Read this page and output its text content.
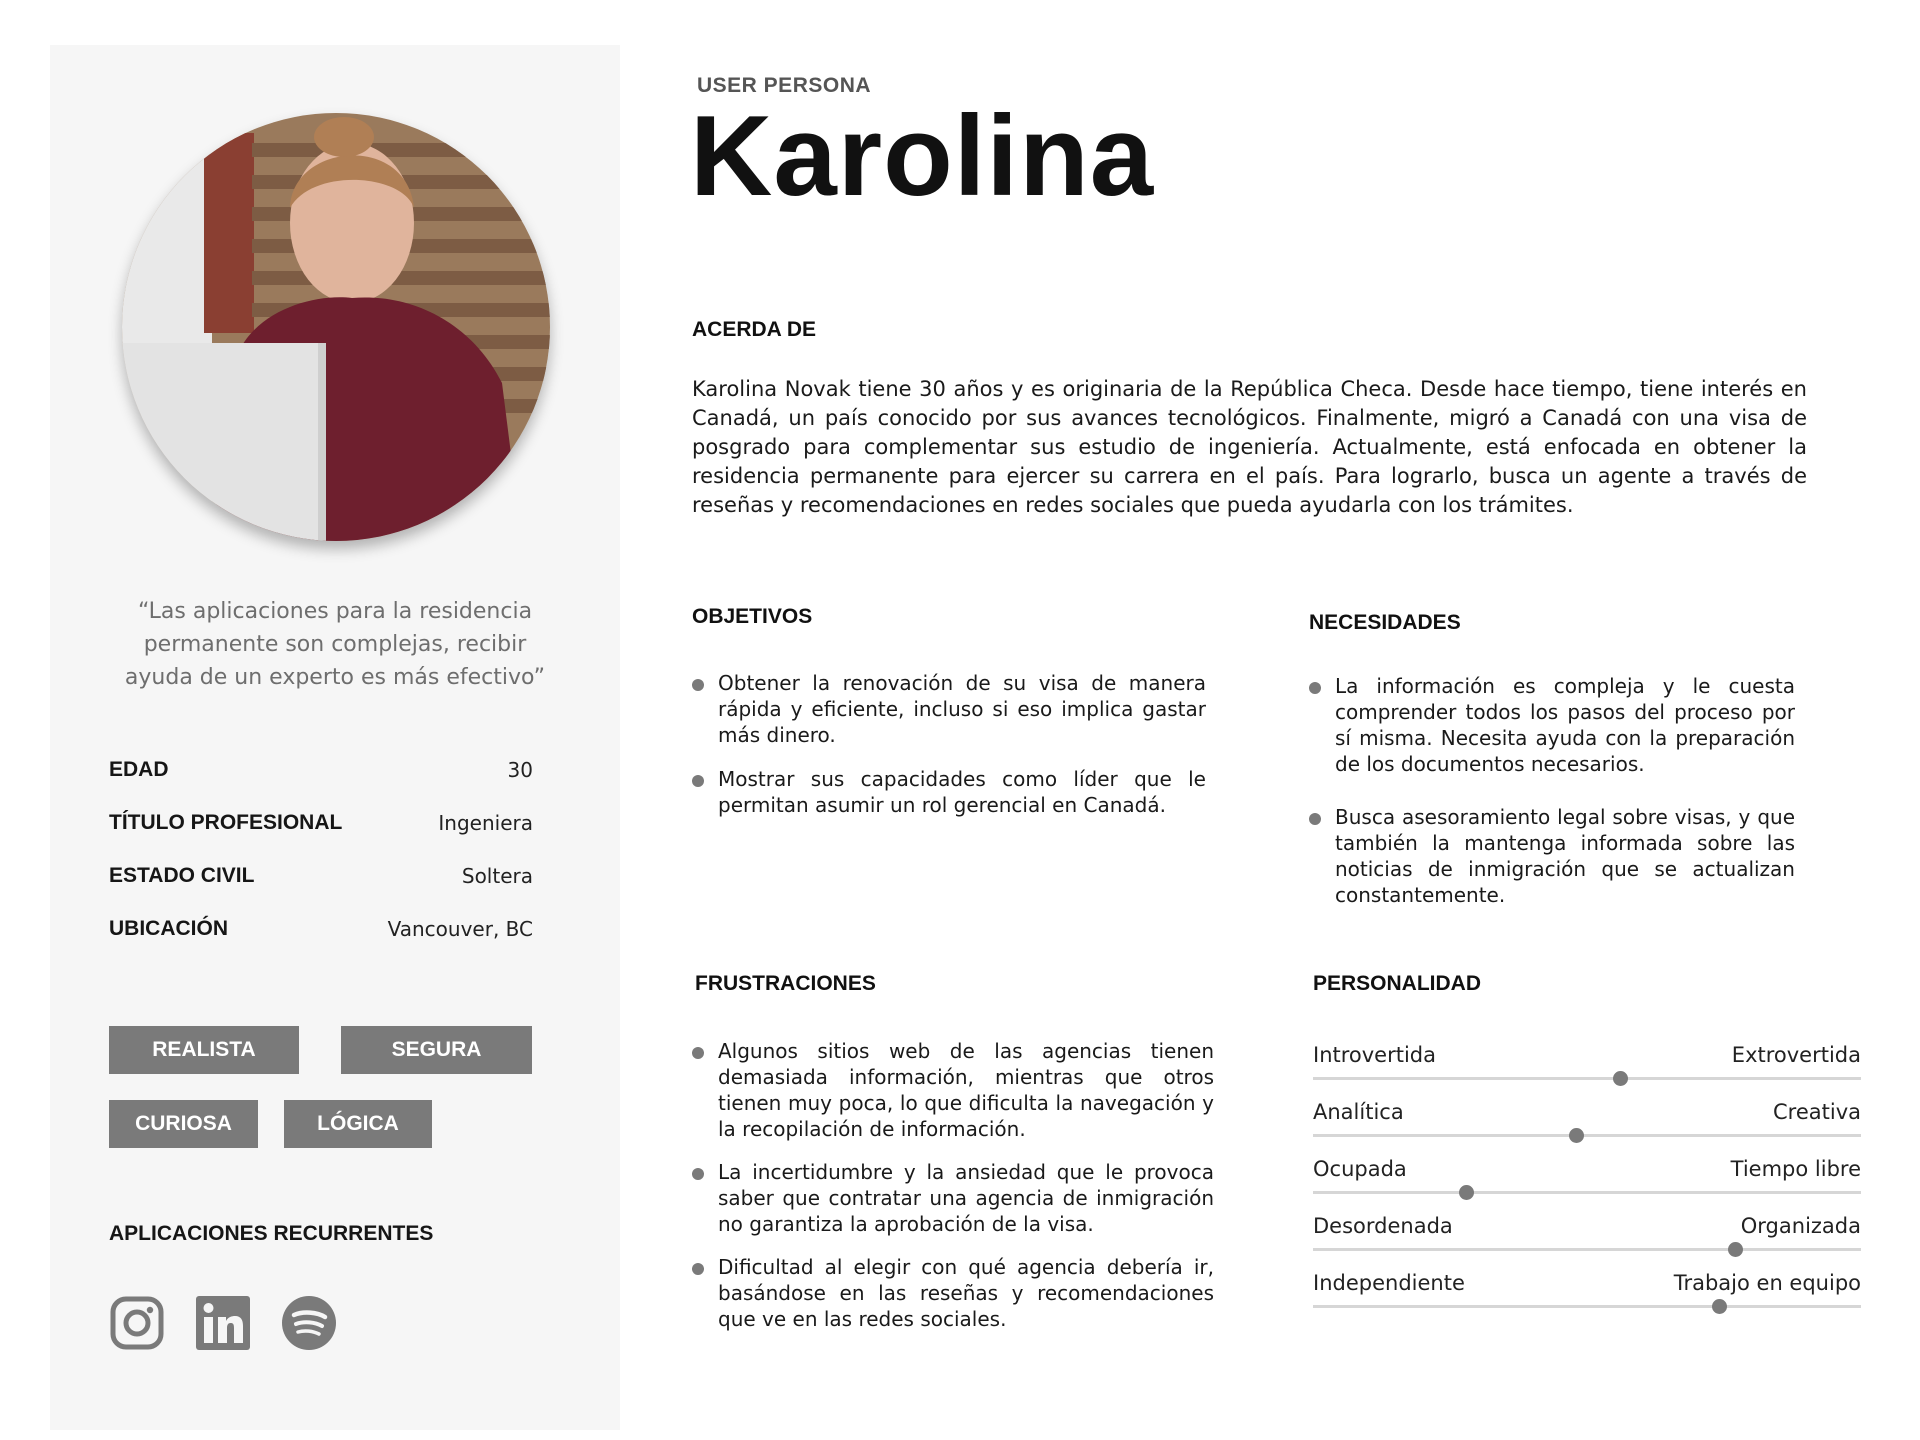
“Las aplicaciones para la residencia permanente son complejas, recibir ayuda de un experto es más efectivo”
EDAD	30
TÍTULO PROFESIONAL	Ingeniera
ESTADO CIVIL	Soltera
UBICACIÓN	Vancouver, BC
REALISTA	SEGURA
CURIOSA	LÓGICA
APLICACIONES RECURRENTES
USER PERSONA
Karolina
ACERDA DE
Karolina Novak tiene 30 años y es originaria de la República Checa. Desde hace tiempo, tiene interés en Canadá, un país conocido por sus avances tecnológicos. Finalmente, migró a Canadá con una visa de posgrado para complementar sus estudio de ingeniería. Actualmente, está enfocada en obtener la residencia permanente para ejercer su carrera en el país. Para lograrlo, busca un agente a través de reseñas y recomendaciones en redes sociales que pueda ayudarla con los trámites.
OBJETIVOS
Obtener la renovación de su visa de manera rápida y eficiente, incluso si eso implica gastar más dinero.
Mostrar sus capacidades como líder que le permitan asumir un rol gerencial en Canadá.
NECESIDADES
La información es compleja y le cuesta comprender todos los pasos del proceso por sí misma. Necesita ayuda con la preparación de los documentos necesarios.
Busca asesoramiento legal sobre visas, y que también la mantenga informada sobre las noticias de inmigración que se actualizan constantemente.
FRUSTRACIONES
Algunos sitios web de las agencias tienen demasiada información, mientras que otros tienen muy poca, lo que dificulta la navegación y la recopilación de información.
La incertidumbre y la ansiedad que le provoca saber que contratar una agencia de inmigración no garantiza la aprobación de la visa.
Dificultad al elegir con qué agencia debería ir, basándose en las reseñas y recomendaciones que ve en las redes sociales.
PERSONALIDAD
Introvertida	Extrovertida
Analítica	Creativa
Ocupada	Tiempo libre
Desordenada	Organizada
Independiente	Trabajo en equipo
